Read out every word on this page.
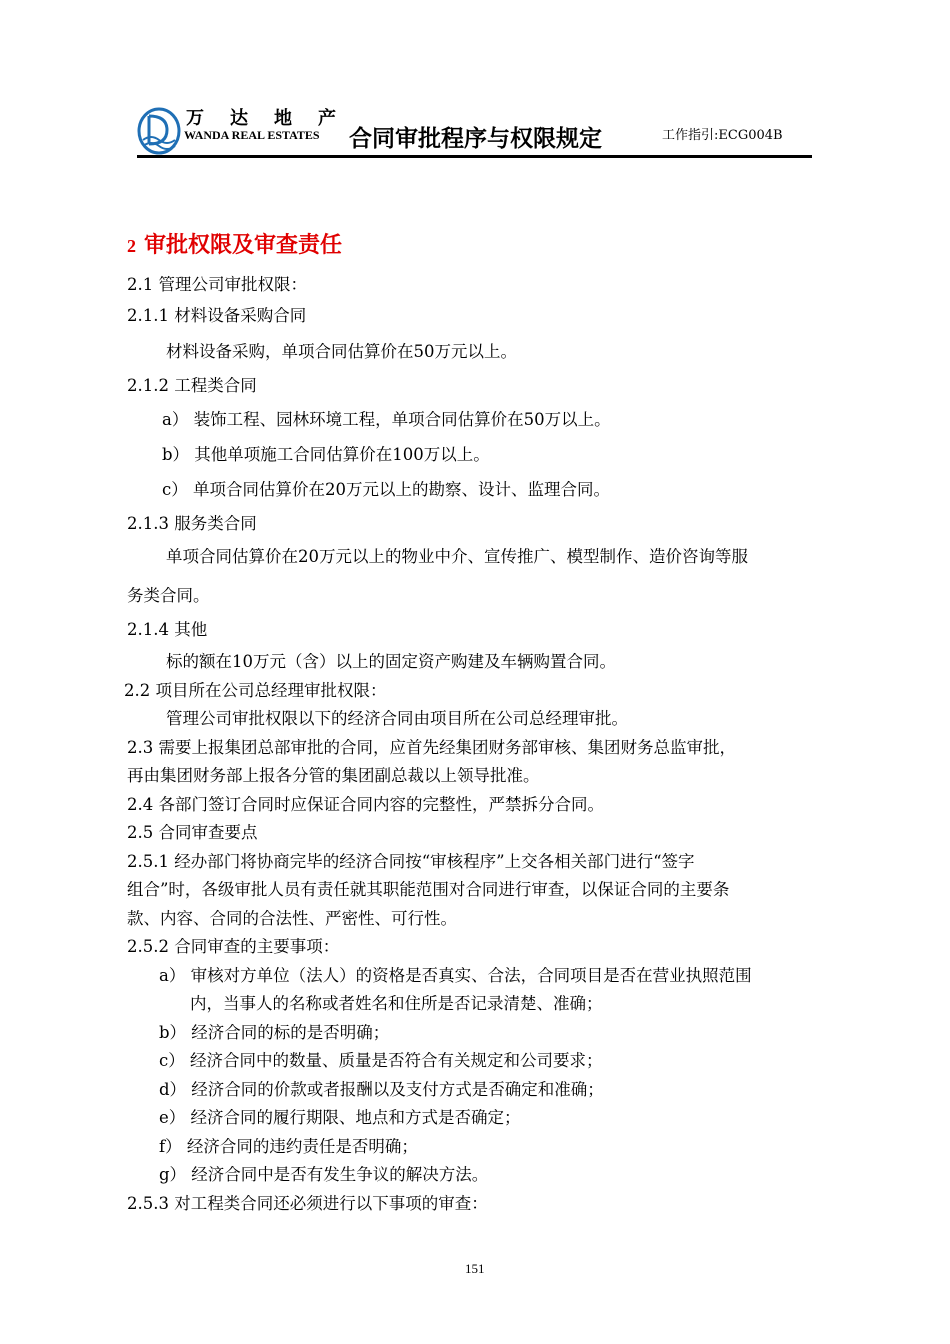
万 达 地 产
WANDA REAL ESTATES 合同审批程序与权限规定	工作指引:ECG004B
2 审批权限及审查责任
2.1 管理公司审批权限：
2.1.1 材料设备采购合同
材料设备采购，单项合同估算价在50万元以上。
2.1.2 工程类合同
a） 装饰工程、园林环境工程，单项合同估算价在50万以上。
b） 其他单项施工合同估算价在100万以上。
c） 单项合同估算价在20万元以上的勘察、设计、监理合同。
2.1.3 服务类合同
单项合同估算价在20万元以上的物业中介、宣传推广、模型制作、造价咨询等服
务类合同。
2.1.4 其他
标的额在10万元（含）以上的固定资产购建及车辆购置合同。
2.2 项目所在公司总经理审批权限：
管理公司审批权限以下的经济合同由项目所在公司总经理审批。
2.3 需要上报集团总部审批的合同，应首先经集团财务部审核、集团财务总监审批，
再由集团财务部上报各分管的集团副总裁以上领导批准。
2.4 各部门签订合同时应保证合同内容的完整性，严禁拆分合同。
2.5 合同审查要点
2.5.1 经办部门将协商完毕的经济合同按“审核程序”上交各相关部门进行“签字
组合”时，各级审批人员有责任就其职能范围对合同进行审查，以保证合同的主要条
款、内容、合同的合法性、严密性、可行性。
2.5.2 合同审查的主要事项：
a） 审核对方单位（法人）的资格是否真实、合法，合同项目是否在营业执照范围
内，当事人的名称或者姓名和住所是否记录清楚、准确；
b） 经济合同的标的是否明确；
c） 经济合同中的数量、质量是否符合有关规定和公司要求；
d） 经济合同的价款或者报酬以及支付方式是否确定和准确；
e） 经济合同的履行期限、地点和方式是否确定；
f） 经济合同的违约责任是否明确；
g） 经济合同中是否有发生争议的解决方法。
2.5.3 对工程类合同还必须进行以下事项的审查：
151
